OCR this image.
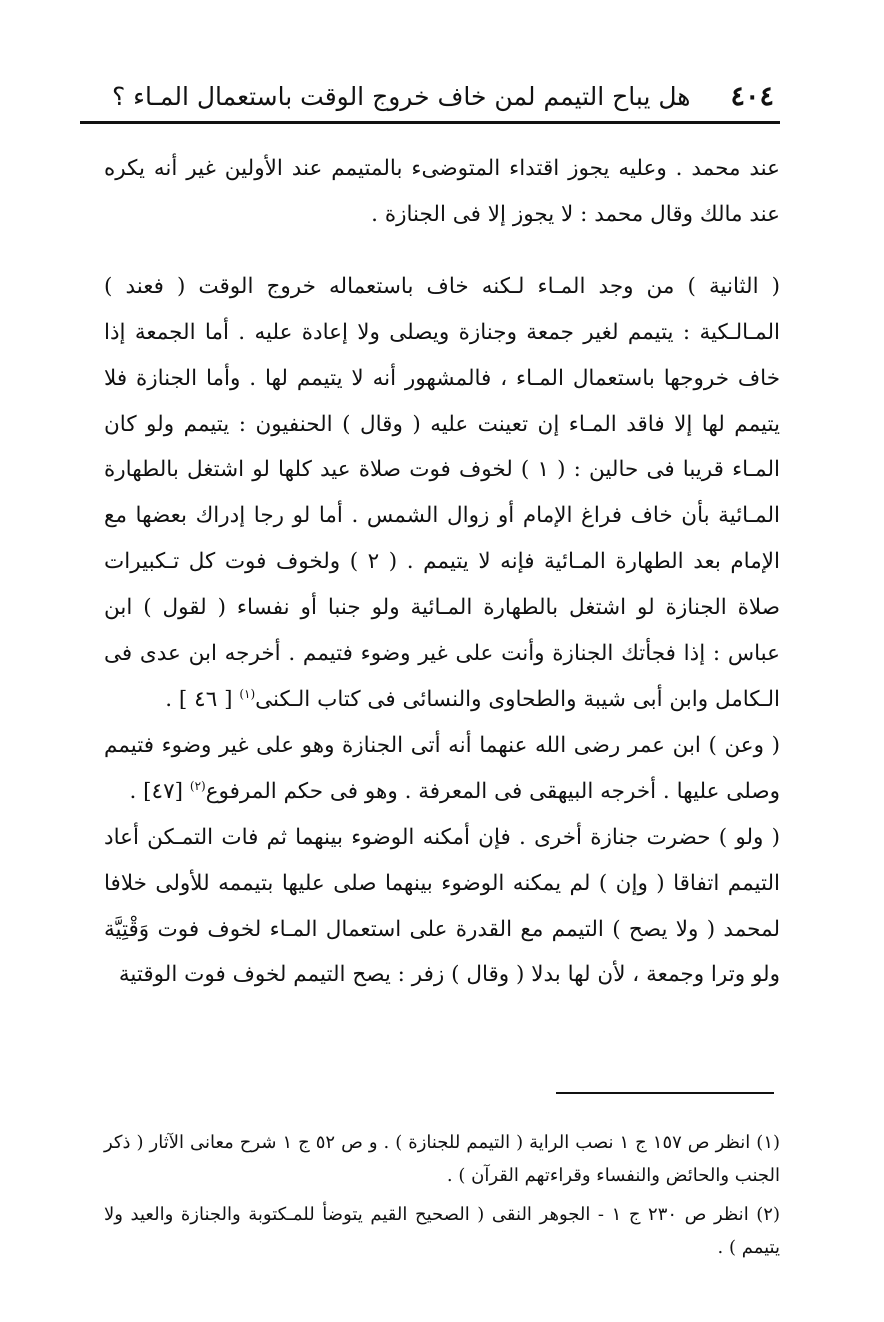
٤٠٤
هل يباح التيمم لمن خاف خروج الوقت باستعمال المـاء ؟

عند محمد . وعليه يجوز اقتداء المتوضىء بالمتيمم عند الأولين غير أنه يكره عند مالك وقال محمد : لا يجوز إلا فى الجنازة .

( الثانية ) من وجد المـاء لـكنه خاف باستعماله خروج الوقت ( فعند ) المـالـكية : يتيمم لغير جمعة وجنازة ويصلى ولا إعادة عليه . أما الجمعة إذا خاف خروجها باستعمال المـاء ، فالمشهور أنه لا يتيمم لها . وأما الجنازة فلا يتيمم لها إلا فاقد المـاء إن تعينت عليه ( وقال ) الحنفيون : يتيمم ولو كان المـاء قريبا فى حالين : ( ١ ) لخوف فوت صلاة عيد كلها لو اشتغل بالطهارة المـائية بأن خاف فراغ الإمام أو زوال الشمس . أما لو رجا إدراك بعضها مع الإمام بعد الطهارة المـائية فإنه لا يتيمم . ( ٢ ) ولخوف فوت كل تـكبيرات صلاة الجنازة لو اشتغل بالطهارة المـائية ولو جنبا أو نفساء ( لقول ) ابن عباس : إذا فجأتك الجنازة وأنت على غير وضوء فتيمم . أخرجه ابن عدى فى الـكامل وابن أبى شيبة والطحاوى والنسائى فى كتاب الـكنى$^{(١)}$ [ ٤٦ ] .

( وعن ) ابن عمر رضى الله عنهما أنه أتى الجنازة وهو على غير وضوء فتيمم وصلى عليها . أخرجه البيهقى فى المعرفة . وهو فى حكم المرفوع$^{(٢)}$ [٤٧] .

( ولو ) حضرت جنازة أخرى . فإن أمكنه الوضوء بينهما ثم فات التمـكن أعاد التيمم اتفاقا ( وإن ) لم يمكنه الوضوء بينهما صلى عليها بتيممه للأولى خلافا لمحمد ( ولا يصح ) التيمم مع القدرة على استعمال المـاء لخوف فوت وَقْتِيَّة ولو وترا وجمعة ، لأن لها بدلا ( وقال ) زفر : يصح التيمم لخوف فوت الوقتية

(١) انظر ص ١٥٧ ج ١ نصب الراية ( التيمم للجنازة ) . و ص ٥٢ ج ١ شرح معانى الآثار ( ذكر الجنب والحائض والنفساء وقراءتهم القرآن ) .

(٢) انظر ص ٢٣٠ ج ١ - الجوهر النقى ( الصحيح القيم يتوضأ للمـكتوبة والجنازة والعيد ولا يتيمم ) .
